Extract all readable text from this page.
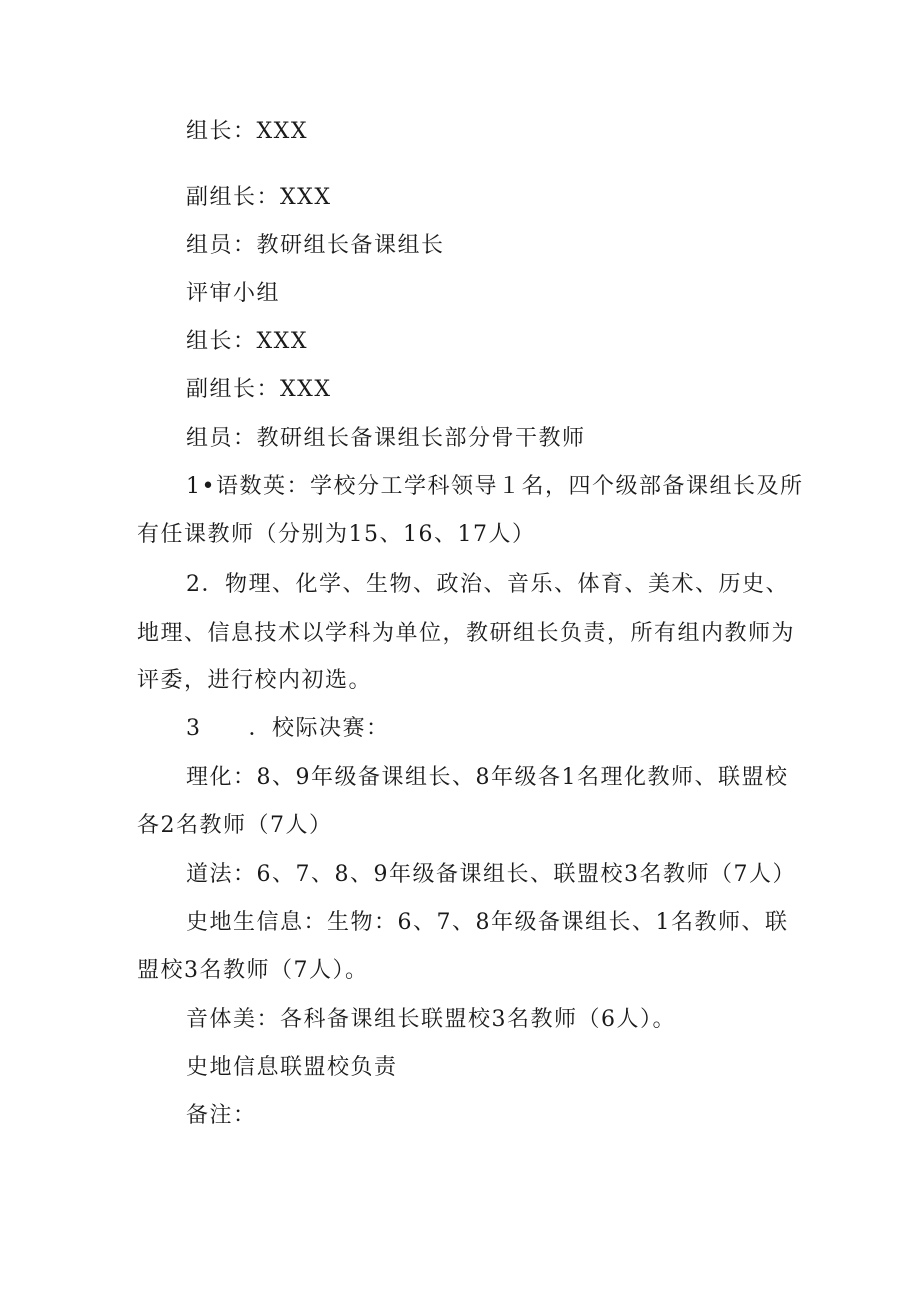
组长：XXX
副组长：XXX
组员：教研组长备课组长
评审小组
组长：XXX
副组长：XXX
组员：教研组长备课组长部分骨干教师
1•语数英：学校分工学科领导１名，四个级部备课组长及所
有任课教师（分别为15、16、17人）
2．物理、化学、生物、政治、音乐、体育、美术、历史、
地理、信息技术以学科为单位，教研组长负责，所有组内教师为
评委，进行校内初选。
3　　．校际决赛：
理化：8、9年级备课组长、8年级各1名理化教师、联盟校
各2名教师（7人）
道法：6、7、8、9年级备课组长、联盟校3名教师（7人）
史地生信息：生物：6、7、8年级备课组长、1名教师、联
盟校3名教师（7人）。
音体美：各科备课组长联盟校3名教师（6人）。
史地信息联盟校负责
备注：
